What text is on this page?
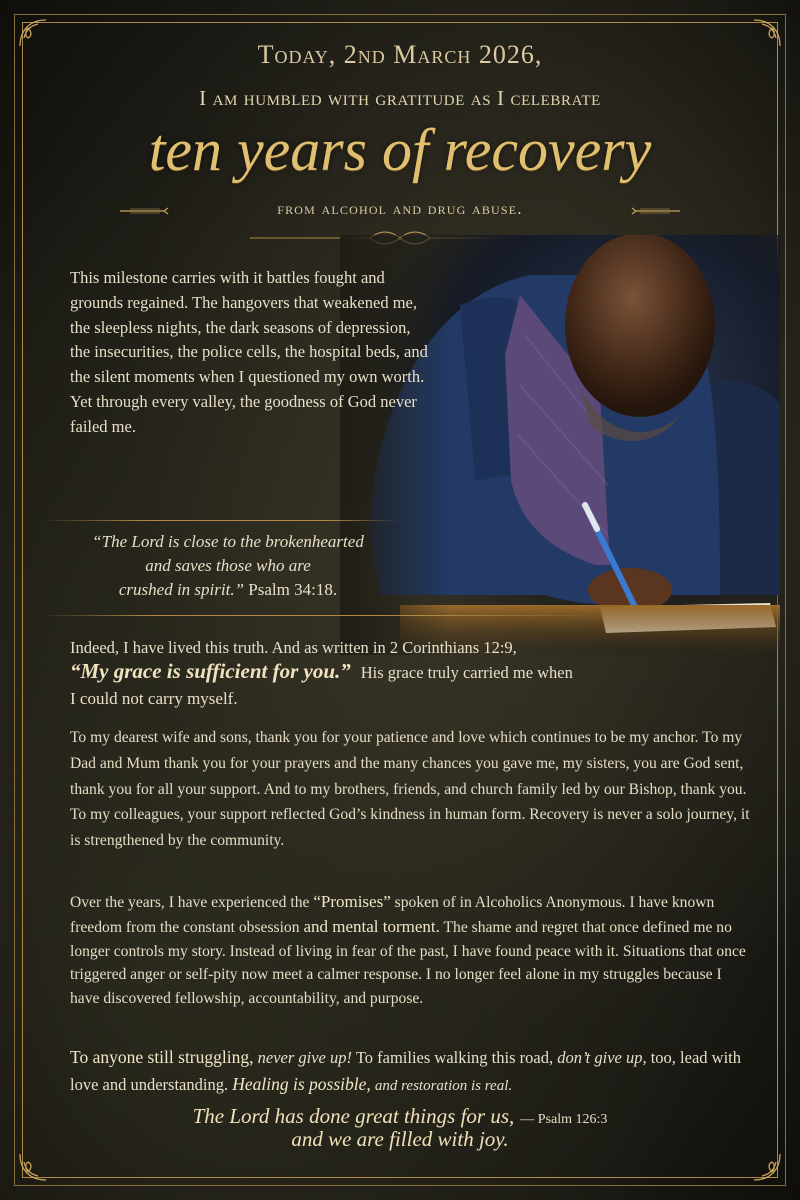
Today, 2nd March 2026,
I am humbled with gratitude as I celebrate
ten years of recovery
from alcohol and drug abuse.
This milestone carries with it battles fought and grounds regained. The hangovers that weakened me, the sleepless nights, the dark seasons of depression, the insecurities, the police cells, the hospital beds, and the silent moments when I questioned my own worth.
Yet through every valley, the goodness of God never failed me.
“The Lord is close to the brokenhearted
and saves those who are
crushed in spirit.” Psalm 34:18.
Indeed, I have lived this truth. And as written in 2 Corinthians 12:9,
“My grace is sufficient for you.” His grace truly carried me when
I could not carry myself.
To my dearest wife and sons, thank you for your patience and love which continues to be my anchor. To my Dad and Mum thank you for your prayers and the many chances you gave me, my sisters, you are God sent, thank you for all your support. And to my brothers, friends, and church family led by our Bishop, thank you. To my colleagues, your support reflected God’s kindness in human form. Recovery is never a solo journey, it is strengthened by the community.
Over the years, I have experienced the “Promises” spoken of in Alcoholics Anonymous. I have known freedom from the constant obsession and mental torment. The shame and regret that once defined me no longer controls my story. Instead of living in fear of the past, I have found peace with it. Situations that once triggered anger or self-pity now meet a calmer response. I no longer feel alone in my struggles because I have discovered fellowship, accountability, and purpose.
To anyone still struggling, never give up! To families walking this road, don’t give up, too, lead with love and understanding. Healing is possible, and restoration is real.
The Lord has done great things for us, — Psalm 126:3
and we are filled with joy.
